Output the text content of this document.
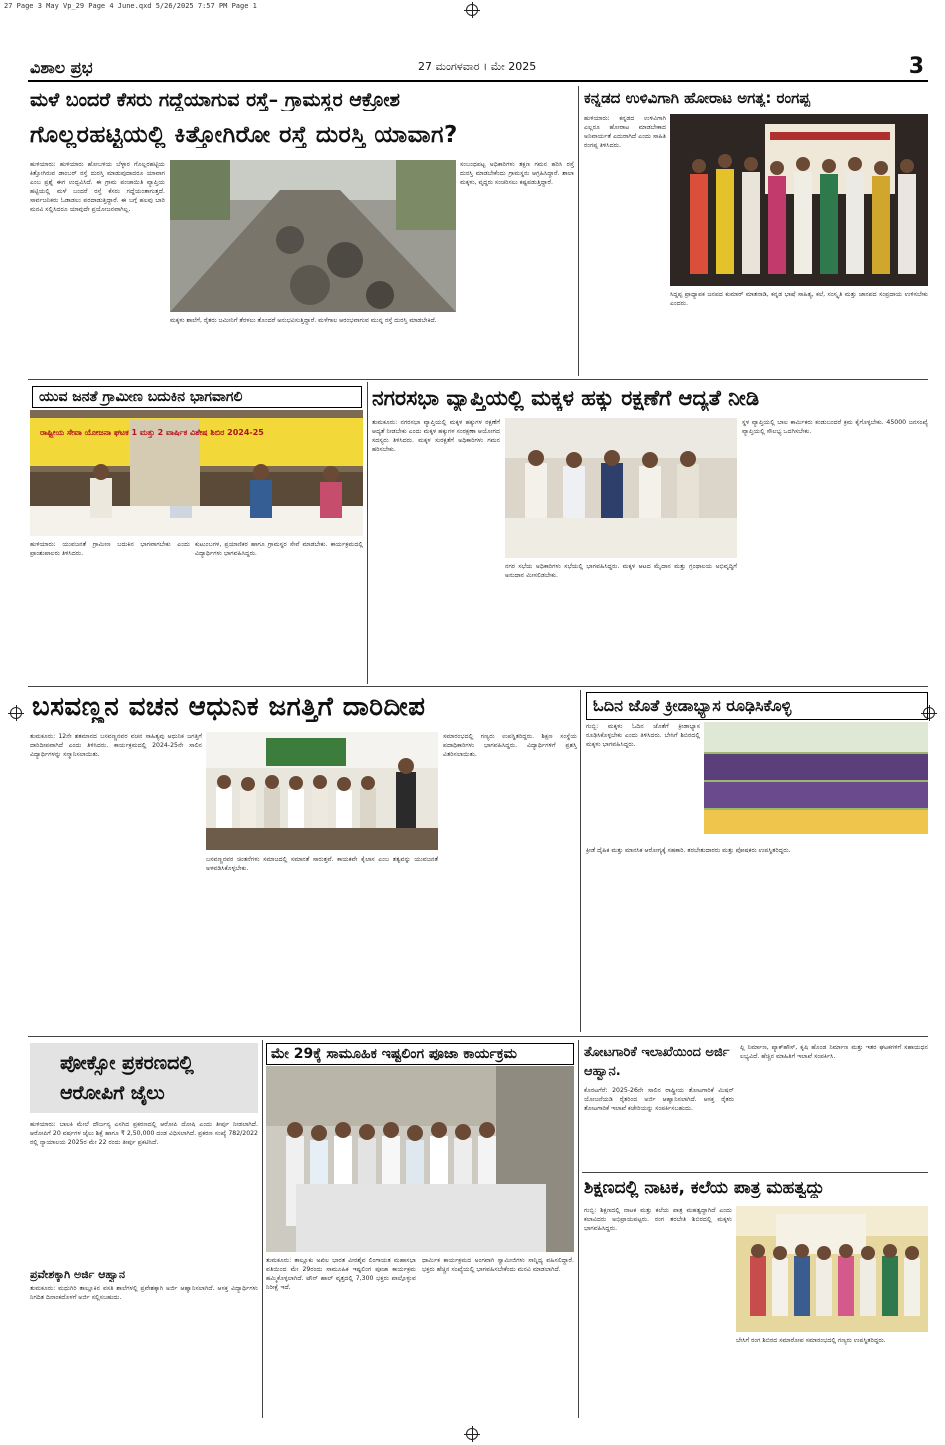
27 Page 3 May Vp_29 Page 4 June.qxd 5/26/2025 7:57 PM Page 1
ವಿಶಾಲ ಪ್ರಭ	27 ಮಂಗಳವಾರ । ಮೇ 2025	3
ಮಳೆ ಬಂದರೆ ಕೆಸರು ಗದ್ದೆಯಾಗುವ ರಸ್ತೆ– ಗ್ರಾಮಸ್ಥರ ಆಕ್ರೋಶ
ಗೊಲ್ಲರಹಟ್ಟಿಯಲ್ಲಿ ಕಿತ್ತೋಗಿರೋ ರಸ್ತೆ ದುರಸ್ತಿ ಯಾವಾಗ?
ಹುಳಿಯಾರು: ಹುಳಿಯಾರು ಹೋಬಳಿಯ ಬೆಳ್ಳಾರ ಗೊಲ್ಲರಹಟ್ಟಿಯ ಕಿತ್ತೋಗಿರುವ ಡಾಂಬರ್ ರಸ್ತೆ ದುರಸ್ತಿ ಮಾಡುವುದಾದರೂ ಯಾವಾಗ ಎಂಬ ಪ್ರಶ್ನೆ ಈಗ ಉದ್ಭವಿಸಿದೆ. ಈ ಗ್ರಾಮ ಪಂಚಾಯಿತಿ ವ್ಯಾಪ್ತಿಯ ಹಟ್ಟಿಯಲ್ಲಿ ಮಳೆ ಬಂದರೆ ರಸ್ತೆ ಕೆಸರು ಗದ್ದೆಯಂತಾಗುತ್ತದೆ. ಸಾರ್ವಜನಿಕರು ಓಡಾಡಲು ಪರದಾಡುತ್ತಿದ್ದಾರೆ. ಈ ಬಗ್ಗೆ ಹಲವು ಬಾರಿ ಮನವಿ ಸಲ್ಲಿಸಿದರೂ ಯಾವುದೇ ಪ್ರಯೋಜನವಾಗಿಲ್ಲ.
ಮಕ್ಕಳು ಶಾಲೆಗೆ, ರೈತರು ಜಮೀನಿಗೆ ತೆರಳಲು ತೊಂದರೆ ಅನುಭವಿಸುತ್ತಿದ್ದಾರೆ. ಮಳೆಗಾಲ ಆರಂಭವಾಗುವ ಮುನ್ನ ರಸ್ತೆ ದುರಸ್ತಿ ಮಾಡಬೇಕಿದೆ.
ಸಂಬಂಧಪಟ್ಟ ಅಧಿಕಾರಿಗಳು ತಕ್ಷಣ ಗಮನ ಹರಿಸಿ ರಸ್ತೆ ದುರಸ್ತಿ ಮಾಡಬೇಕೆಂದು ಗ್ರಾಮಸ್ಥರು ಆಗ್ರಹಿಸಿದ್ದಾರೆ. ಶಾಲಾ ಮಕ್ಕಳು, ವೃದ್ಧರು ಸಂಚರಿಸಲು ಕಷ್ಟಪಡುತ್ತಿದ್ದಾರೆ.
ಕನ್ನಡದ ಉಳಿವಿಗಾಗಿ ಹೋರಾಟ ಅಗತ್ಯ: ರಂಗಪ್ಪ
ಹುಳಿಯಾರು: ಕನ್ನಡದ ಉಳಿವಿಗಾಗಿ ಎಲ್ಲರೂ ಹೋರಾಟ ಮಾಡಬೇಕಾದ ಅನಿವಾರ್ಯತೆ ಎದುರಾಗಿದೆ ಎಂದು ಸಾಹಿತಿ ರಂಗಪ್ಪ ತಿಳಿಸಿದರು.
ಸಿದ್ದಪ್ಪ ಪ್ರಾಧ್ಯಾಪಕ ಜನಪದ ಕುಮಾರ್ ಮಾತನಾಡಿ, ಕನ್ನಡ ಭಾಷೆ ಸಾಹಿತ್ಯ, ಕಲೆ, ಸಂಸ್ಕೃತಿ ಮತ್ತು ಜಾನಪದ ಸಂಪ್ರದಾಯ ಉಳಿಸಬೇಕು ಎಂದರು.
ಯುವ ಜನತೆ ಗ್ರಾಮೀಣ ಬದುಕಿನ ಭಾಗವಾಗಲಿ
ರಾಷ್ಟ್ರೀಯ ಸೇವಾ ಯೋಜನಾ ಘಟಕ 1 ಮತ್ತು 2 ವಾರ್ಷಿಕ ವಿಶೇಷ ಶಿಬಿರ 2024-25
ಹುಳಿಯಾರು: ಯುವಜನತೆ ಗ್ರಾಮೀಣ ಬದುಕಿನ ಭಾಗವಾಗಬೇಕು ಎಂದು ಪ್ರಾಂಶುಪಾಲರು ತಿಳಿಸಿದರು.
ಕುಟುಂಬಗಳ, ಪ್ರಯಾಣಿಕರ ಹಾಗೂ ಗ್ರಾಮಸ್ಥರ ಸೇವೆ ಮಾಡಬೇಕು. ಕಾರ್ಯಕ್ರಮದಲ್ಲಿ ವಿದ್ಯಾರ್ಥಿಗಳು ಭಾಗವಹಿಸಿದ್ದರು.
ನಗರಸಭಾ ವ್ಯಾಪ್ತಿಯಲ್ಲಿ ಮಕ್ಕಳ ಹಕ್ಕು ರಕ್ಷಣೆಗೆ ಆದ್ಯತೆ ನೀಡಿ
ತುಮಕೂರು: ನಗರಸಭಾ ವ್ಯಾಪ್ತಿಯಲ್ಲಿ ಮಕ್ಕಳ ಹಕ್ಕುಗಳ ರಕ್ಷಣೆಗೆ ಆದ್ಯತೆ ನೀಡಬೇಕು ಎಂದು ಮಕ್ಕಳ ಹಕ್ಕುಗಳ ಸಂರಕ್ಷಣಾ ಆಯೋಗದ ಸದಸ್ಯರು ತಿಳಿಸಿದರು. ಮಕ್ಕಳ ಸುರಕ್ಷತೆಗೆ ಅಧಿಕಾರಿಗಳು ಗಮನ ಹರಿಸಬೇಕು.
ನಗರ ಸಭೆಯ ಅಧಿಕಾರಿಗಳು ಸಭೆಯಲ್ಲಿ ಭಾಗವಹಿಸಿದ್ದರು. ಮಕ್ಕಳ ಆಟದ ಮೈದಾನ ಮತ್ತು ಗ್ರಂಥಾಲಯ ಅಭಿವೃದ್ಧಿಗೆ ಅನುದಾನ ಮೀಸಲಿಡಬೇಕು.
ಸ್ಥಳ ವ್ಯಾಪ್ತಿಯಲ್ಲಿ ಬಾಲ ಕಾರ್ಮಿಕರು ಕಂಡುಬಂದರೆ ಕ್ರಮ ಕೈಗೊಳ್ಳಬೇಕು. 45000 ಜನಸಂಖ್ಯೆ ವ್ಯಾಪ್ತಿಯಲ್ಲಿ ಸೌಲಭ್ಯ ಒದಗಿಸಬೇಕು.
ಬಸವಣ್ಣನ ವಚನ ಆಧುನಿಕ ಜಗತ್ತಿಗೆ ದಾರಿದೀಪ
ತುಮಕೂರು: 12ನೇ ಶತಮಾನದ ಬಸವಣ್ಣನವರ ವಚನ ಸಾಹಿತ್ಯವು ಆಧುನಿಕ ಜಗತ್ತಿಗೆ ದಾರಿದೀಪವಾಗಿದೆ ಎಂದು ತಿಳಿಸಿದರು. ಕಾರ್ಯಕ್ರಮದಲ್ಲಿ 2024-25ನೇ ಸಾಲಿನ ವಿದ್ಯಾರ್ಥಿಗಳನ್ನು ಸನ್ಮಾನಿಸಲಾಯಿತು.
ಬಸವಣ್ಣನವರ ಚಿಂತನೆಗಳು ಸಮಾಜದಲ್ಲಿ ಸಮಾನತೆ ಸಾರುತ್ತವೆ. ಕಾಯಕವೇ ಕೈಲಾಸ ಎಂಬ ತತ್ವವನ್ನು ಯುವಜನತೆ ಅಳವಡಿಸಿಕೊಳ್ಳಬೇಕು.
ಸಮಾರಂಭದಲ್ಲಿ ಗಣ್ಯರು ಉಪಸ್ಥಿತರಿದ್ದರು. ಶಿಕ್ಷಣ ಸಂಸ್ಥೆಯ ಪದಾಧಿಕಾರಿಗಳು ಭಾಗವಹಿಸಿದ್ದರು. ವಿದ್ಯಾರ್ಥಿಗಳಿಗೆ ಪ್ರಶಸ್ತಿ ವಿತರಿಸಲಾಯಿತು.
ಓದಿನ ಜೊತೆ ಕ್ರೀಡಾಭ್ಯಾಸ ರೂಢಿಸಿಕೊಳ್ಳಿ
ಗುಬ್ಬಿ: ಮಕ್ಕಳು ಓದಿನ ಜೊತೆಗೆ ಕ್ರೀಡಾಭ್ಯಾಸ ರೂಢಿಸಿಕೊಳ್ಳಬೇಕು ಎಂದು ತಿಳಿಸಿದರು. ಬೇಸಿಗೆ ಶಿಬಿರದಲ್ಲಿ ಮಕ್ಕಳು ಭಾಗವಹಿಸಿದ್ದರು.
ಕ್ರೀಡೆ ದೈಹಿಕ ಮತ್ತು ಮಾನಸಿಕ ಆರೋಗ್ಯಕ್ಕೆ ಸಹಕಾರಿ. ತರಬೇತುದಾರರು ಮತ್ತು ಪೋಷಕರು ಉಪಸ್ಥಿತರಿದ್ದರು.
ಪೋಕ್ಸೋ ಪ್ರಕರಣದಲ್ಲಿ ಆರೋಪಿಗೆ ಜೈಲು
ಹುಳಿಯಾರು: ಬಾಲಕಿ ಮೇಲೆ ದೌರ್ಜನ್ಯ ಎಸಗಿದ ಪ್ರಕರಣದಲ್ಲಿ ಆರೋಪಿ ದೋಷಿ ಎಂದು ತೀರ್ಪು ನೀಡಲಾಗಿದೆ. ಆರೋಪಿಗೆ 20 ವರ್ಷಗಳ ಜೈಲು ಶಿಕ್ಷೆ ಹಾಗೂ ₹ 2,50,000 ದಂಡ ವಿಧಿಸಲಾಗಿದೆ. ಪ್ರಕರಣ ಸಂಖ್ಯೆ 782/2022 ರಲ್ಲಿ ನ್ಯಾಯಾಲಯ 2025ರ ಮೇ 22 ರಂದು ತೀರ್ಪು ಪ್ರಕಟಿಸಿದೆ.
ಪ್ರವೇಶಕ್ಕಾಗಿ ಅರ್ಜಿ ಆಹ್ವಾನ
ತುಮಕೂರು: ಮಧುಗಿರಿ ತಾಲ್ಲೂಕಿನ ವಸತಿ ಶಾಲೆಗಳಲ್ಲಿ ಪ್ರವೇಶಕ್ಕಾಗಿ ಅರ್ಜಿ ಆಹ್ವಾನಿಸಲಾಗಿದೆ. ಆಸಕ್ತ ವಿದ್ಯಾರ್ಥಿಗಳು ನಿಗದಿತ ದಿನಾಂಕದೊಳಗೆ ಅರ್ಜಿ ಸಲ್ಲಿಸಬಹುದು.
ಮೇ 29ಕ್ಕೆ ಸಾಮೂಹಿಕ ಇಷ್ಟಲಿಂಗ ಪೂಜಾ ಕಾರ್ಯಕ್ರಮ
ತುಮಕೂರು: ತಾಲ್ಲೂಕು ಅಖಿಲ ಭಾರತ ವೀರಶೈವ ಲಿಂಗಾಯತ ಮಹಾಸಭಾ ವತಿಯಿಂದ ಮೇ 29ರಂದು ಸಾಮೂಹಿಕ ಇಷ್ಟಲಿಂಗ ಪೂಜಾ ಕಾರ್ಯಕ್ರಮ ಹಮ್ಮಿಕೊಳ್ಳಲಾಗಿದೆ. ಟೌನ್ ಹಾಲ್ ವೃತ್ತದಲ್ಲಿ 7,300 ಭಕ್ತರು ಪಾಲ್ಗೊಳ್ಳುವ ನಿರೀಕ್ಷೆ ಇದೆ.
ಧಾರ್ಮಿಕ ಕಾರ್ಯಕ್ರಮದ ಅಂಗವಾಗಿ ಸ್ವಾಮೀಜಿಗಳು ಸಾನ್ನಿಧ್ಯ ವಹಿಸಲಿದ್ದಾರೆ. ಭಕ್ತರು ಹೆಚ್ಚಿನ ಸಂಖ್ಯೆಯಲ್ಲಿ ಭಾಗವಹಿಸಬೇಕೆಂದು ಮನವಿ ಮಾಡಲಾಗಿದೆ.
ತೋಟಗಾರಿಕೆ ಇಲಾಖೆಯಿಂದ ಅರ್ಜಿ ಆಹ್ವಾನ.
ಕೊರಟಗೆರೆ: 2025-26ನೇ ಸಾಲಿನ ರಾಷ್ಟ್ರೀಯ ತೋಟಗಾರಿಕೆ ಮಿಷನ್ ಯೋಜನೆಯಡಿ ರೈತರಿಂದ ಅರ್ಜಿ ಆಹ್ವಾನಿಸಲಾಗಿದೆ. ಆಸಕ್ತ ರೈತರು ತೋಟಗಾರಿಕೆ ಇಲಾಖೆ ಕಚೇರಿಯನ್ನು ಸಂಪರ್ಕಿಸಬಹುದು.
ಪ್ಲಿ ನಿರ್ಮಾಣ, ಪ್ಯಾಕ್‌ಹೌಸ್, ಕೃಷಿ ಹೊಂಡ ನಿರ್ಮಾಣ ಮತ್ತು ಇತರ ಘಟಕಗಳಿಗೆ ಸಹಾಯಧನ ಲಭ್ಯವಿದೆ. ಹೆಚ್ಚಿನ ಮಾಹಿತಿಗೆ ಇಲಾಖೆ ಸಂಪರ್ಕಿಸಿ.
ಶಿಕ್ಷಣದಲ್ಲಿ ನಾಟಕ, ಕಲೆಯ ಪಾತ್ರ ಮಹತ್ವದ್ದು
ಗುಬ್ಬಿ: ಶಿಕ್ಷಣದಲ್ಲಿ ನಾಟಕ ಮತ್ತು ಕಲೆಯ ಪಾತ್ರ ಮಹತ್ವದ್ದಾಗಿದೆ ಎಂದು ಕಲಾವಿದರು ಅಭಿಪ್ರಾಯಪಟ್ಟರು. ರಂಗ ತರಬೇತಿ ಶಿಬಿರದಲ್ಲಿ ಮಕ್ಕಳು ಭಾಗವಹಿಸಿದ್ದರು.
ಬೇಸಿಗೆ ರಂಗ ಶಿಬಿರದ ಸಮಾರೋಪ ಸಮಾರಂಭದಲ್ಲಿ ಗಣ್ಯರು ಉಪಸ್ಥಿತರಿದ್ದರು.
